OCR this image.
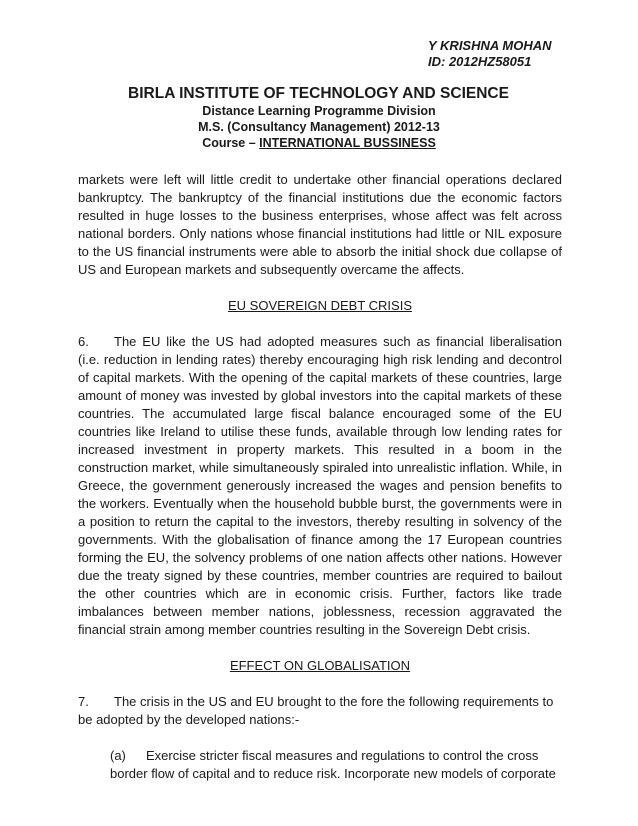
Y KRISHNA MOHAN
ID: 2012HZ58051
BIRLA INSTITUTE OF TECHNOLOGY AND SCIENCE
Distance Learning Programme Division
M.S. (Consultancy Management) 2012-13
Course – INTERNATIONAL BUSSINESS

markets were left will little credit to undertake other financial operations declared bankruptcy. The bankruptcy of the financial institutions due the economic factors resulted in huge losses to the business enterprises, whose affect was felt across national borders. Only nations whose financial institutions had little or NIL exposure to the US financial instruments were able to absorb the initial shock due collapse of US and European markets and subsequently overcame the affects.

EU SOVEREIGN DEBT CRISIS

6. The EU like the US had adopted measures such as financial liberalisation (i.e. reduction in lending rates) thereby encouraging high risk lending and decontrol of capital markets. With the opening of the capital markets of these countries, large amount of money was invested by global investors into the capital markets of these countries. The accumulated large fiscal balance encouraged some of the EU countries like Ireland to utilise these funds, available through low lending rates for increased investment in property markets. This resulted in a boom in the construction market, while simultaneously spiraled into unrealistic inflation. While, in Greece, the government generously increased the wages and pension benefits to the workers. Eventually when the household bubble burst, the governments were in a position to return the capital to the investors, thereby resulting in solvency of the governments. With the globalisation of finance among the 17 European countries forming the EU, the solvency problems of one nation affects other nations. However due the treaty signed by these countries, member countries are required to bailout the other countries which are in economic crisis. Further, factors like trade imbalances between member nations, joblessness, recession aggravated the financial strain among member countries resulting in the Sovereign Debt crisis.

EFFECT ON GLOBALISATION

7. The crisis in the US and EU brought to the fore the following requirements to be adopted by the developed nations:-

(a) Exercise stricter fiscal measures and regulations to control the cross border flow of capital and to reduce risk. Incorporate new models of corporate
